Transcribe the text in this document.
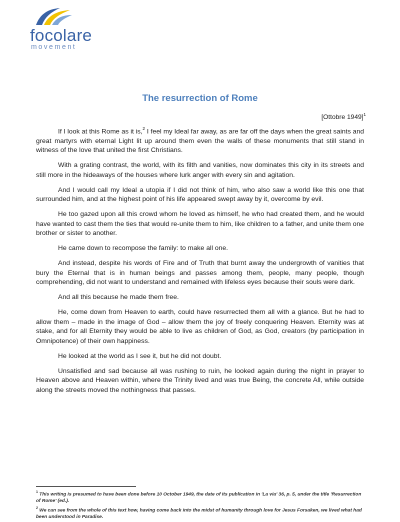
focolare
movement
The resurrection of Rome
[Ottobre 1949]$^1$

If I look at this Rome as it is,$^2$ I feel my Ideal far away, as are far off the days when the great saints and great martyrs with eternal Light lit up around them even the walls of these monuments that still stand in witness of the love that united the first Christians.

With a grating contrast, the world, with its filth and vanities, now dominates this city in its streets and still more in the hideaways of the houses where lurk anger with every sin and agitation.

And I would call my Ideal a utopia if I did not think of him, who also saw a world like this one that surrounded him, and at the highest point of his life appeared swept away by it, overcome by evil.

He too gazed upon all this crowd whom he loved as himself, he who had created them, and he would have wanted to cast them the ties that would re-unite them to him, like children to a father, and unite them one brother or sister to another.

He came down to recompose the family: to make all one.

And instead, despite his words of Fire and of Truth that burnt away the undergrowth of vanities that bury the Eternal that is in human beings and passes among them, people, many people, though comprehending, did not want to understand and remained with lifeless eyes because their souls were dark.

And all this because he made them free.

He, come down from Heaven to earth, could have resurrected them all with a glance. But he had to allow them – made in the image of God – allow them the joy of freely conquering Heaven. Eternity was at stake, and for all Eternity they would be able to live as children of God, as God, creators (by participation in Omnipotence) of their own happiness.

He looked at the world as I see it, but he did not doubt.

Unsatisfied and sad because all was rushing to ruin, he looked again during the night in prayer to Heaven above and Heaven within, where the Trinity lived and was true Being, the concrete All, while outside along the streets moved the nothingness that passes.

$^1$ This writing is presumed to have been done before 10 October 1949, the date of its publication in 'La via' 36, p. 5, under the title 'Resurrection of Rome' (ed.).

$^2$ We can see from the whole of this text how, having come back into the midst of humanity through love for Jesus Forsaken, we lived what had been understood in Paradise.
